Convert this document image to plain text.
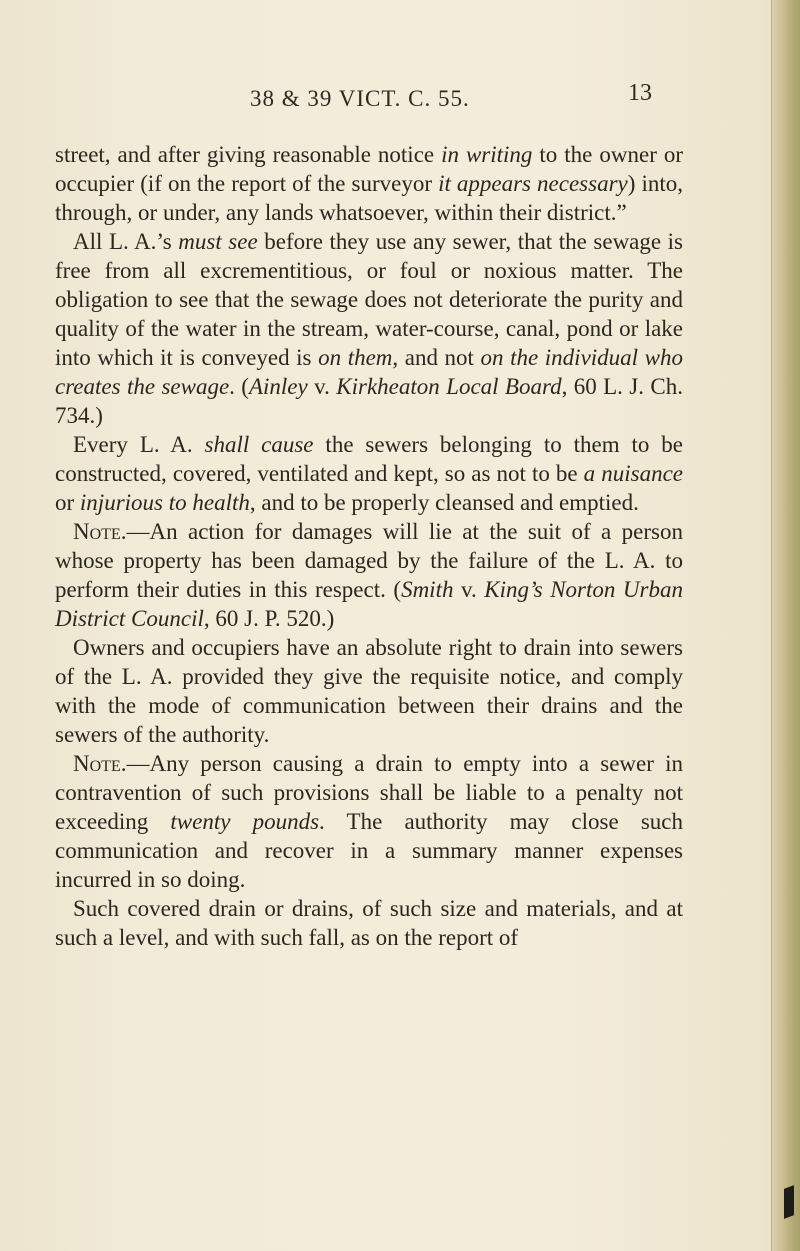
38 & 39 VICT. C. 55.	13

street, and after giving reasonable notice in writing to the owner or occupier (if on the report of the surveyor it appears necessary) into, through, or under, any lands whatsoever, within their district.”

All L. A.’s must see before they use any sewer, that the sewage is free from all excrementitious, or foul or noxious matter. The obligation to see that the sewage does not deteriorate the purity and quality of the water in the stream, water-course, canal, pond or lake into which it is conveyed is on them, and not on the individual who creates the sewage. (Ainley v. Kirkheaton Local Board, 60 L. J. Ch. 734.)

Every L. A. shall cause the sewers belonging to them to be constructed, covered, ventilated and kept, so as not to be a nuisance or injurious to health, and to be properly cleansed and emptied.

Note.—An action for damages will lie at the suit of a person whose property has been damaged by the failure of the L. A. to perform their duties in this respect. (Smith v. King’s Norton Urban District Council, 60 J. P. 520.)

Owners and occupiers have an absolute right to drain into sewers of the L. A. provided they give the requisite notice, and comply with the mode of communication between their drains and the sewers of the authority.

Note.—Any person causing a drain to empty into a sewer in contravention of such provisions shall be liable to a penalty not exceeding twenty pounds. The authority may close such communication and recover in a summary manner expenses incurred in so doing.

Such covered drain or drains, of such size and materials, and at such a level, and with such fall, as on the report of
